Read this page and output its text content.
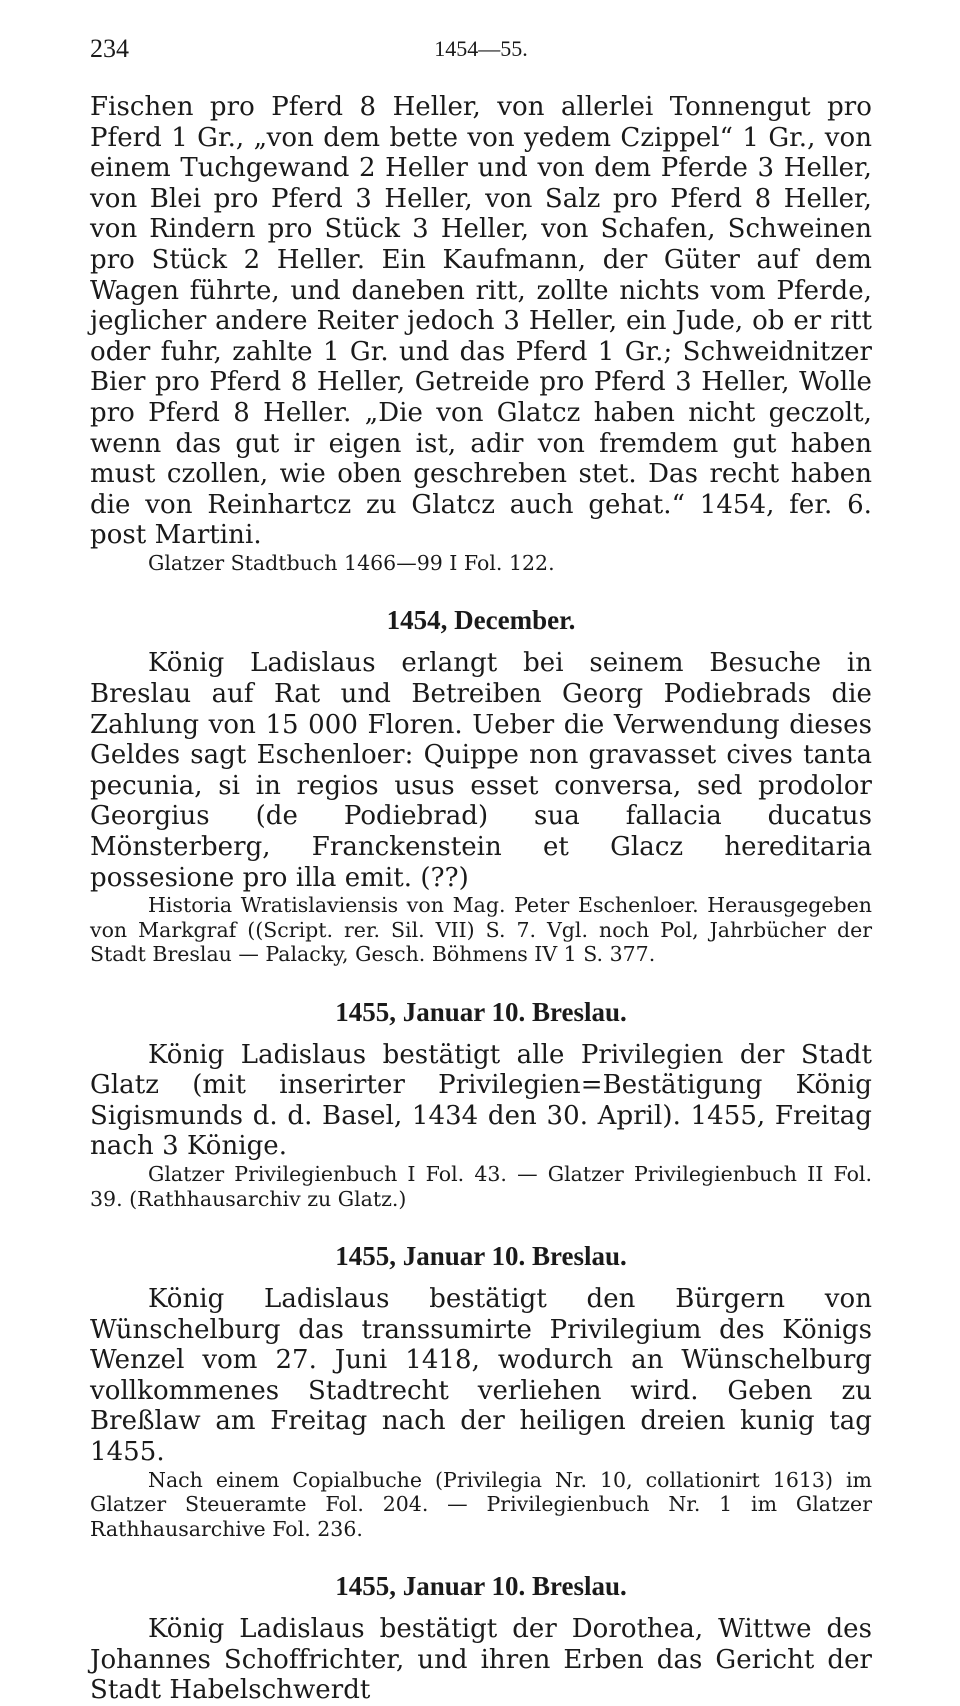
234	1454—55.

Fischen pro Pferd 8 Heller, von allerlei Tonnengut pro Pferd 1 Gr., „von dem bette von yedem Czippel“ 1 Gr., von einem Tuchgewand 2 Heller und von dem Pferde 3 Heller, von Blei pro Pferd 3 Heller, von Salz pro Pferd 8 Heller, von Rindern pro Stück 3 Heller, von Schafen, Schweinen pro Stück 2 Heller. Ein Kaufmann, der Güter auf dem Wagen führte, und daneben ritt, zollte nichts vom Pferde, jeglicher andere Reiter jedoch 3 Heller, ein Jude, ob er ritt oder fuhr, zahlte 1 Gr. und das Pferd 1 Gr.; Schweidnitzer Bier pro Pferd 8 Heller, Getreide pro Pferd 3 Heller, Wolle pro Pferd 8 Heller. „Die von Glatcz haben nicht geczolt, wenn das gut ir eigen ist, adir von fremdem gut haben must czollen, wie oben geschreben stet. Das recht haben die von Reinhartcz zu Glatcz auch gehat.“ 1454, fer. 6. post Martini.

Glatzer Stadtbuch 1466—99 I Fol. 122.

1454, December.

König Ladislaus erlangt bei seinem Besuche in Breslau auf Rat und Betreiben Georg Podiebrads die Zahlung von 15 000 Floren. Ueber die Verwendung dieses Geldes sagt Eschenloer: Quippe non gravasset cives tanta pecunia, si in regios usus esset conversa, sed prodolor Georgius (de Podiebrad) sua fallacia ducatus Mönsterberg, Franckenstein et Glacz hereditaria possesione pro illa emit. (??)

Historia Wratislaviensis von Mag. Peter Eschenloer. Herausgegeben von Markgraf ((Script. rer. Sil. VII) S. 7. Vgl. noch Pol, Jahrbücher der Stadt Breslau — Palacky, Gesch. Böhmens IV 1 S. 377.

1455, Januar 10. Breslau.

König Ladislaus bestätigt alle Privilegien der Stadt Glatz (mit inserirter Privilegien=Bestätigung König Sigismunds d. d. Basel, 1434 den 30. April). 1455, Freitag nach 3 Könige.

Glatzer Privilegienbuch I Fol. 43. — Glatzer Privilegienbuch II Fol. 39. (Rathhausarchiv zu Glatz.)

1455, Januar 10. Breslau.

König Ladislaus bestätigt den Bürgern von Wünschelburg das transsumirte Privilegium des Königs Wenzel vom 27. Juni 1418, wodurch an Wünschelburg vollkommenes Stadtrecht verliehen wird. Geben zu Breßlaw am Freitag nach der heiligen dreien kunig tag 1455.

Nach einem Copialbuche (Privilegia Nr. 10, collationirt 1613) im Glatzer Steueramte Fol. 204. — Privilegienbuch Nr. 1 im Glatzer Rathhausarchive Fol. 236.

1455, Januar 10. Breslau.

König Ladislaus bestätigt der Dorothea, Wittwe des Johannes Schoffrichter, und ihren Erben das Gericht der Stadt Habelschwerdt
